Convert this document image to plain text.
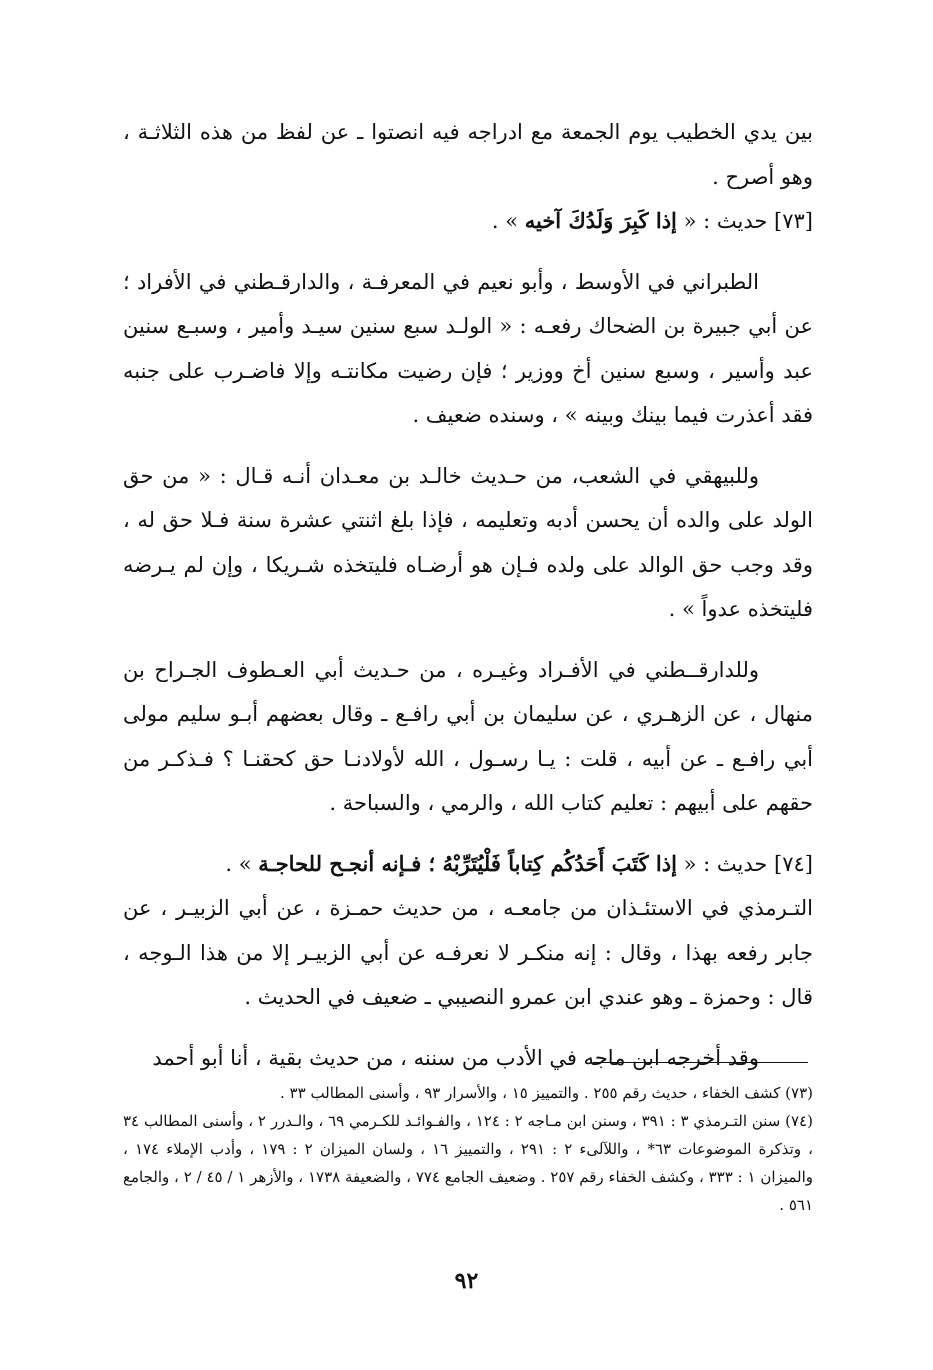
بين يدي الخطيب يوم الجمعة مع ادراجه فيه انصتوا ـ عن لفظ من هذه الثلاثـة ، وهو أصرح .

[٧٣] حديث : « إذا كَبِرَ وَلَدُكَ آخيه » .

الطبراني في الأوسط ، وأبو نعيم في المعرفـة ، والدارقـطني في الأفراد ؛ عن أبي جبيرة بن الضحاك رفعـه : « الولـد سبع سنين سيـد وأمير ، وسبـع سنين عبد وأسير ، وسبع سنين أخ ووزير ؛ فإن رضيت مكانتـه وإلا فاضـرب على جنبه فقد أعذرت فيما بينك وبينه » ، وسنده ضعيف .

وللبيهقي في الشعب، من حـديث خالـد بن معـدان أنـه قـال : « من حق الولد على والده أن يحسن أدبه وتعليمه ، فإذا بلغ اثنتي عشرة سنة فـلا حق له ، وقد وجب حق الوالد على ولده فـإن هو أرضـاه فليتخذه شـريكا ، وإن لم يـرضه فليتخذه عدواً » .

وللدارقــطني في الأفـراد وغيـره ، من حـديث أبي العـطوف الجـراح بن منهال ، عن الزهـري ، عن سليمان بن أبي رافـع ـ وقال بعضهم أبـو سليم مولى أبي رافـع ـ عن أبيه ، قلت : يـا رسـول ، الله لأولادنـا حق كحقنـا ؟ فـذكـر من حقهم على أبيهم : تعليم كتاب الله ، والرمي ، والسباحة .

[٧٤] حديث : « إذا كَتَبَ أَحَدُكُم كِتاباً فَلْيُتَرِّبْهُ ؛ فـإنه أنجـح للحاجـة » .

التـرمذي في الاستئـذان من جامعـه ، من حديث حمـزة ، عن أبي الزبيـر ، عن جابر رفعه بهذا ، وقال : إنه منكـر لا نعرفـه عن أبي الزبيـر إلا من هذا الـوجه ، قال : وحمزة ـ وهو عندي ابن عمرو النصيبي ـ ضعيف في الحديث .

وقد أخرجه ابن ماجه في الأدب من سننه ، من حديث بقية ، أنا أبو أحمد

(٧٣) كشف الخفاء ، حديث رقم ٢٥٥ . والتمييز ١٥ ، والأسرار ٩٣ ، وأسنى المطالب ٣٣ .

(٧٤) سنن التـرمذي ٣ : ٣٩١ ، وسنن ابن مـاجه ٢ : ١٢٤ ، والفـوائـد للكـرمي ٦٩ ، والـدرر ٢ ، وأسنى المطالب ٣٤ ، وتذكرة الموضوعات ٦٣* ، واللآلىء ٢ : ٢٩١ ، والتمييز ١٦ ، ولسان الميزان ٢ : ١٧٩ ، وأدب الإملاء ١٧٤ ، والميزان ١ : ٣٣٣ ، وكشف الخفاء رقم ٢٥٧ . وضعيف الجامع ٧٧٤ ، والضعيفة ١٧٣٨ ، والأزهر ١ / ٤٥ / ٢ ، والجامع ٥٦١ .

٩٢
